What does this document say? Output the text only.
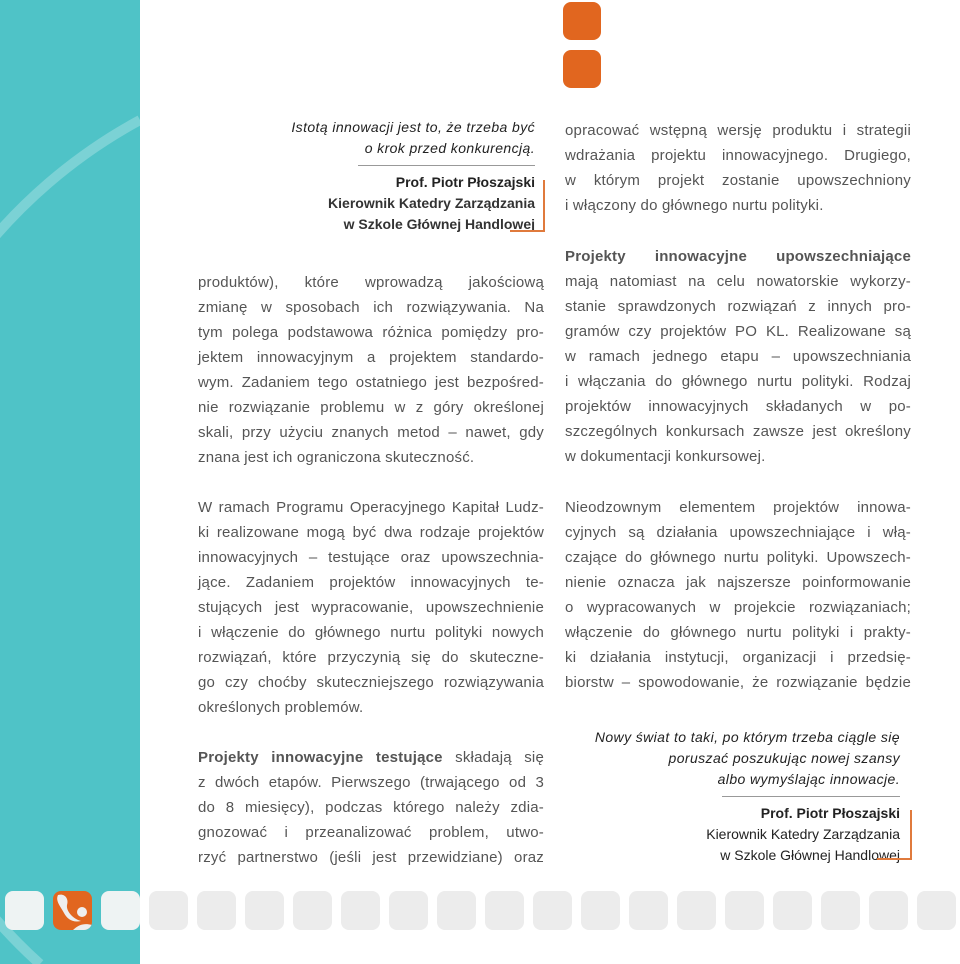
Istotą innowacji jest to, że trzeba być
o krok przed konkurencją.
Prof. Piotr Płoszajski
Kierownik Katedry Zarządzania
w Szkole Głównej Handlowej
Nowy świat to taki, po którym trzeba ciągle się
poruszać poszukując nowej szansy
albo wymyślając innowacje.
Prof. Piotr Płoszajski
Kierownik Katedry Zarządzania
w Szkole Głównej Handlowej
produktów), które wprowadzą jakościową
zmianę w sposobach ich rozwiązywania. Na
tym polega podstawowa różnica pomiędzy pro-
jektem innowacyjnym a projektem standardo-
wym. Zadaniem tego ostatniego jest bezpośred-
nie rozwiązanie problemu w z góry określonej
skali, przy użyciu znanych metod – nawet, gdy
znana jest ich ograniczona skuteczność.
W ramach Programu Operacyjnego Kapitał Ludz-
ki realizowane mogą być dwa rodzaje projektów
innowacyjnych – testujące oraz upowszechnia-
jące. Zadaniem projektów innowacyjnych te-
stujących jest wypracowanie, upowszechnienie
i włączenie do głównego nurtu polityki nowych
rozwiązań, które przyczynią się do skuteczne-
go czy choćby skuteczniejszego rozwiązywania
określonych problemów.
Projekty innowacyjne testujące składają się
z dwóch etapów. Pierwszego (trwającego od 3
do 8 miesięcy), podczas którego należy zdia-
gnozować i przeanalizować problem, utwo-
rzyć partnerstwo (jeśli jest przewidziane) oraz
opracować wstępną wersję produktu i strategii
wdrażania projektu innowacyjnego. Drugiego,
w którym projekt zostanie upowszechniony
i włączony do głównego nurtu polityki.
Projekty innowacyjne upowszechniające
mają natomiast na celu nowatorskie wykorzy-
stanie sprawdzonych rozwiązań z innych pro-
gramów czy projektów PO KL. Realizowane są
w ramach jednego etapu – upowszechniania
i włączania do głównego nurtu polityki. Rodzaj
projektów innowacyjnych składanych w po-
szczególnych konkursach zawsze jest określony
w dokumentacji konkursowej.
Nieodzownym elementem projektów innowa-
cyjnych są działania upowszechniające i włą-
czające do głównego nurtu polityki. Upowszech-
nienie oznacza jak najszersze poinformowanie
o wypracowanych w projekcie rozwiązaniach;
włączenie do głównego nurtu polityki i prakty-
ki działania instytucji, organizacji i przedsię-
biorstw – spowodowanie, że rozwiązanie będzie
